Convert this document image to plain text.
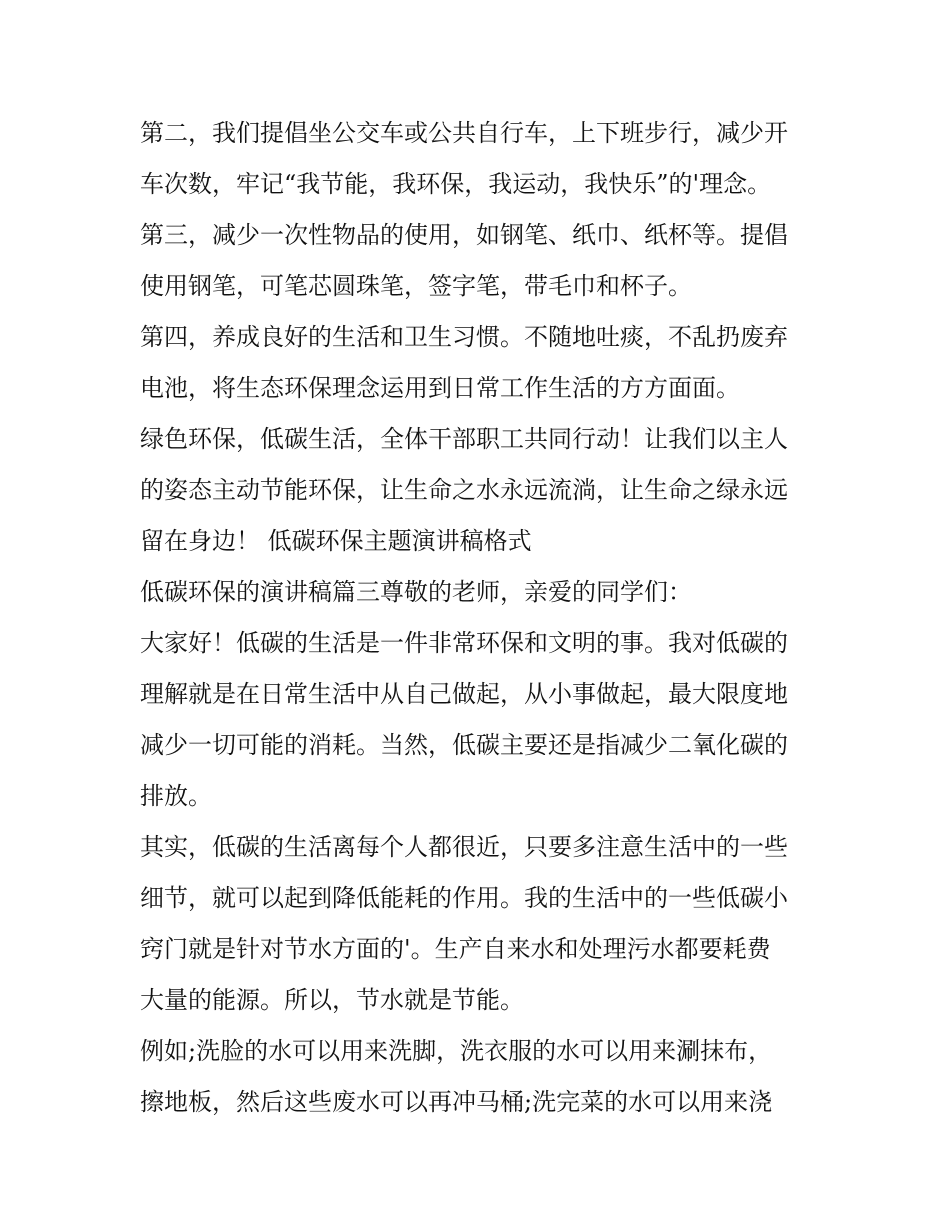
第二，我们提倡坐公交车或公共自行车，上下班步行，减少开
车次数，牢记“我节能，我环保，我运动，我快乐”的'理念。
第三，减少一次性物品的使用，如钢笔、纸巾、纸杯等。提倡
使用钢笔，可笔芯圆珠笔，签字笔，带毛巾和杯子。
第四，养成良好的生活和卫生习惯。不随地吐痰，不乱扔废弃
电池，将生态环保理念运用到日常工作生活的方方面面。
绿色环保，低碳生活，全体干部职工共同行动！让我们以主人
的姿态主动节能环保，让生命之水永远流淌，让生命之绿永远
留在身边！ 低碳环保主题演讲稿格式
低碳环保的演讲稿篇三尊敬的老师，亲爱的同学们：
大家好！低碳的生活是一件非常环保和文明的事。我对低碳的
理解就是在日常生活中从自己做起，从小事做起，最大限度地
减少一切可能的消耗。当然，低碳主要还是指减少二氧化碳的
排放。
其实，低碳的生活离每个人都很近，只要多注意生活中的一些
细节，就可以起到降低能耗的作用。我的生活中的一些低碳小
窍门就是针对节水方面的'。生产自来水和处理污水都要耗费
大量的能源。所以，节水就是节能。
例如;洗脸的水可以用来洗脚，洗衣服的水可以用来涮抹布，
擦地板，然后这些废水可以再冲马桶;洗完菜的水可以用来浇
